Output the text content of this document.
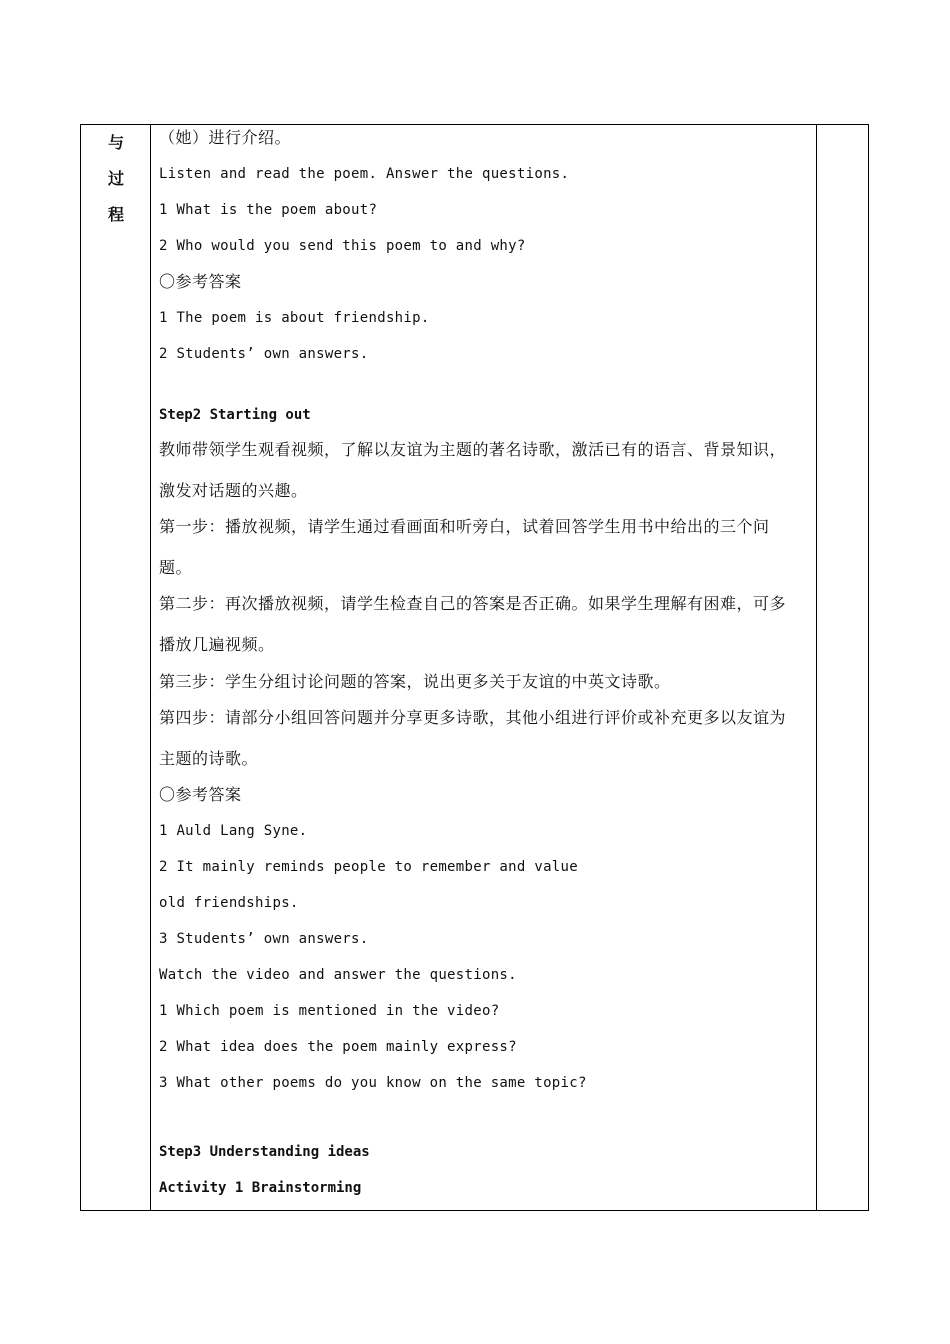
与
过
程
（她）进行介绍。
Listen and read the poem. Answer the questions.
1 What is the poem about?
2 Who would you send this poem to and why?
〇参考答案
1 The poem is about friendship.
2 Students’ own answers.
Step2 Starting out
教师带领学生观看视频，了解以友谊为主题的著名诗歌，激活已有的语言、背景知识，
激发对话题的兴趣。
第一步：播放视频，请学生通过看画面和听旁白，试着回答学生用书中给出的三个问
题。
第二步：再次播放视频，请学生检查自己的答案是否正确。如果学生理解有困难，可多
播放几遍视频。
第三步：学生分组讨论问题的答案，说出更多关于友谊的中英文诗歌。
第四步：请部分小组回答问题并分享更多诗歌，其他小组进行评价或补充更多以友谊为
主题的诗歌。
〇参考答案
1 Auld Lang Syne.
2 It mainly reminds people to remember and value
old friendships.
3 Students’ own answers.
Watch the video and answer the questions.
1 Which poem is mentioned in the video?
2 What idea does the poem mainly express?
3 What other poems do you know on the same topic?
Step3 Understanding ideas
Activity 1 Brainstorming
